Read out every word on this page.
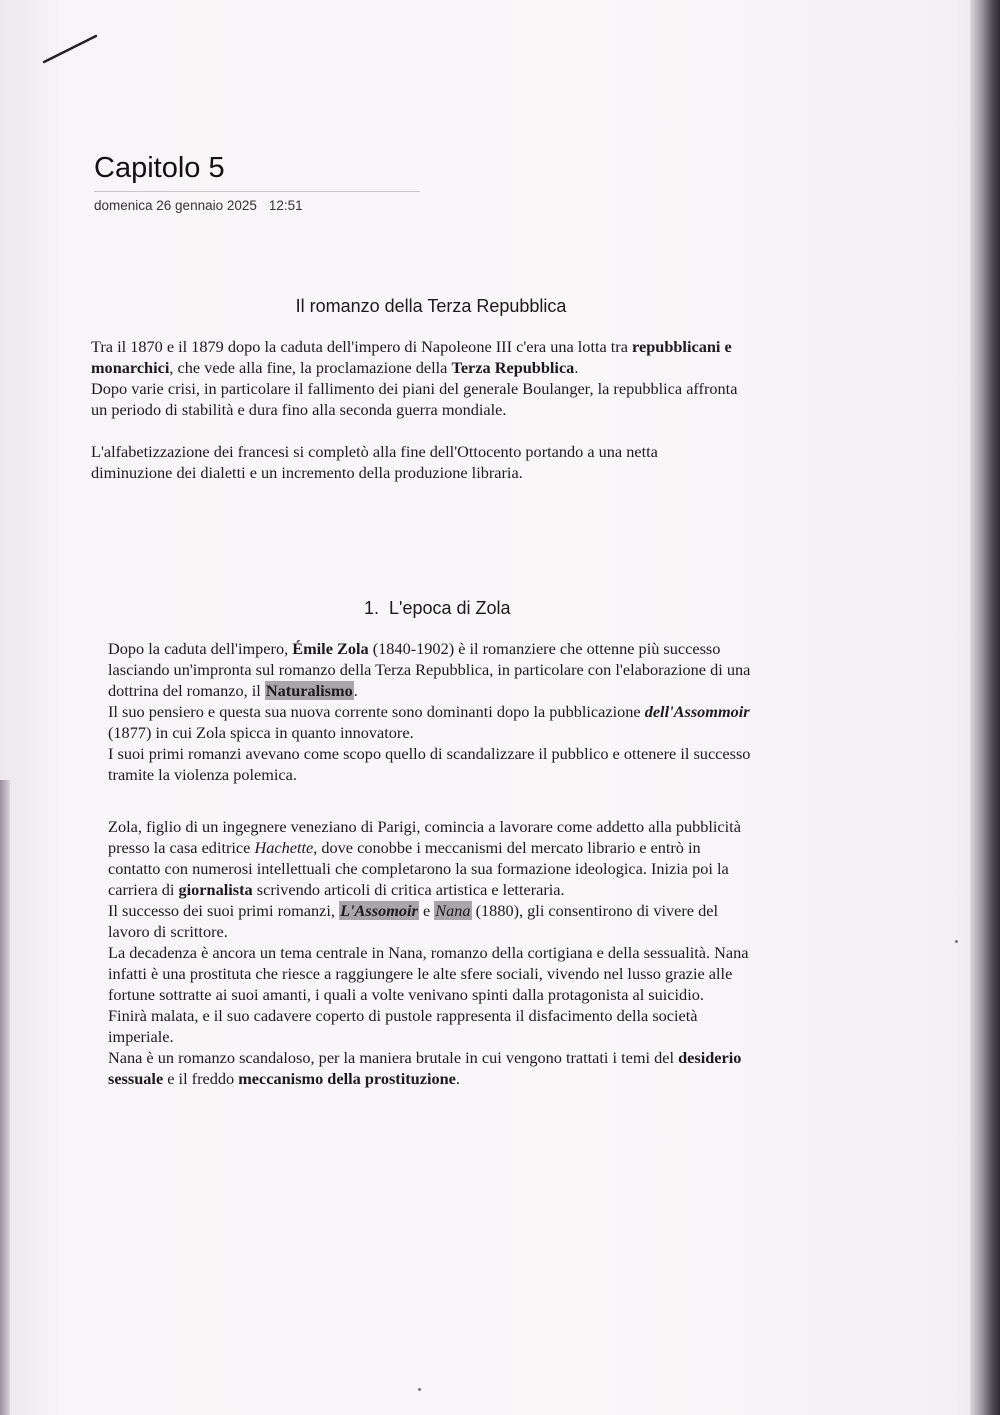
Capitolo 5
domenica 26 gennaio 2025 12:51
Il romanzo della Terza Repubblica

Tra il 1870 e il 1879 dopo la caduta dell'impero di Napoleone III c'era una lotta tra repubblicani e monarchici, che vede alla fine, la proclamazione della Terza Repubblica.

Dopo varie crisi, in particolare il fallimento dei piani del generale Boulanger, la repubblica affronta un periodo di stabilità e dura fino alla seconda guerra mondiale.

L'alfabetizzazione dei francesi si completò alla fine dell'Ottocento portando a una netta diminuzione dei dialetti e un incremento della produzione libraria.

1. L'epoca di Zola

Dopo la caduta dell'impero, Émile Zola (1840-1902) è il romanziere che ottenne più successo lasciando un'impronta sul romanzo della Terza Repubblica, in particolare con l'elaborazione di una dottrina del romanzo, il Naturalismo.

Il suo pensiero e questa sua nuova corrente sono dominanti dopo la pubblicazione dell'Assommoir (1877) in cui Zola spicca in quanto innovatore.

I suoi primi romanzi avevano come scopo quello di scandalizzare il pubblico e ottenere il successo tramite la violenza polemica.

Zola, figlio di un ingegnere veneziano di Parigi, comincia a lavorare come addetto alla pubblicità presso la casa editrice Hachette, dove conobbe i meccanismi del mercato librario e entrò in contatto con numerosi intellettuali che completarono la sua formazione ideologica. Inizia poi la carriera di giornalista scrivendo articoli di critica artistica e letteraria.

Il successo dei suoi primi romanzi, L'Assomoir e Nana (1880), gli consentirono di vivere del lavoro di scrittore.

La decadenza è ancora un tema centrale in Nana, romanzo della cortigiana e della sessualità. Nana infatti è una prostituta che riesce a raggiungere le alte sfere sociali, vivendo nel lusso grazie alle fortune sottratte ai suoi amanti, i quali a volte venivano spinti dalla protagonista al suicidio.

Finirà malata, e il suo cadavere coperto di pustole rappresenta il disfacimento della società imperiale.

Nana è un romanzo scandaloso, per la maniera brutale in cui vengono trattati i temi del desiderio sessuale e il freddo meccanismo della prostituzione.
